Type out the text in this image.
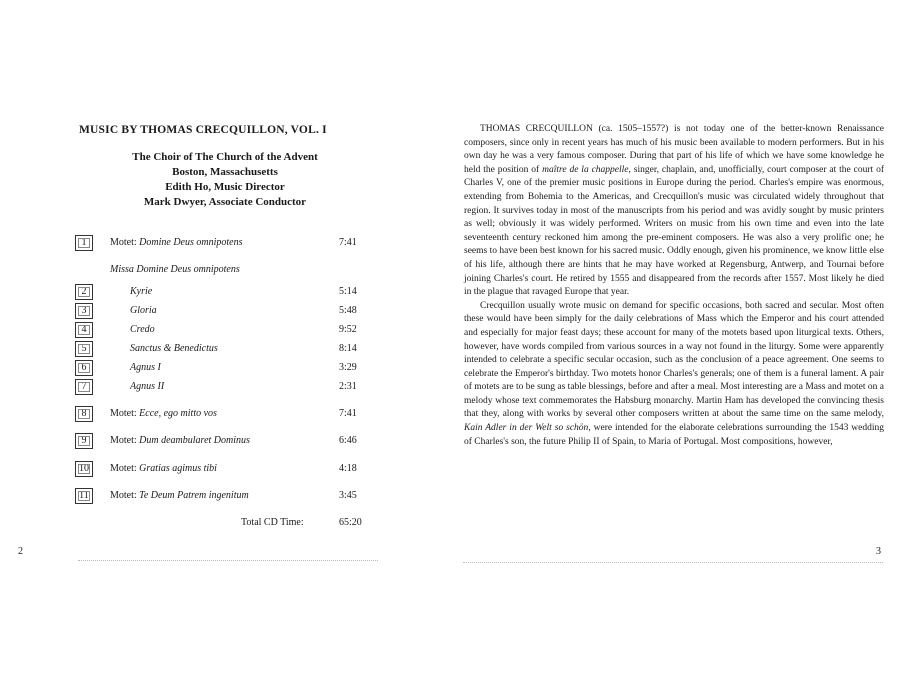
MUSIC BY THOMAS CRECQUILLON, VOL. I
The Choir of The Church of the Advent
Boston, Massachusetts
Edith Ho, Music Director
Mark Dwyer, Associate Conductor
1	Motet: Domine Deus omnipotens	7:41
Missa Domine Deus omnipotens
2	Kyrie	5:14
3	Gloria	5:48
4	Credo	9:52
5	Sanctus & Benedictus	8:14
6	Agnus I	3:29
7	Agnus II	2:31
8	Motet: Ecce, ego mitto vos	7:41
9	Motet: Dum deambularet Dominus	6:46
10	Motet: Gratias agimus tibi	4:18
11	Motet: Te Deum Patrem ingenitum	3:45
Total CD Time:	65:20
2

THOMAS CRECQUILLON (ca. 1505–1557?) is not today one of the better-known Renaissance composers, since only in recent years has much of his music been available to modern performers. But in his own day he was a very famous composer. During that part of his life of which we have some knowledge he held the position of maître de la chappelle, singer, chaplain, and, unofficially, court composer at the court of Charles V, one of the premier music positions in Europe during the period. Charles's empire was enormous, extending from Bohemia to the Americas, and Crecquillon's music was circulated widely throughout that region. It survives today in most of the manuscripts from his period and was avidly sought by music printers as well; obviously it was widely performed. Writers on music from his own time and even into the late seventeenth century reckoned him among the pre-eminent composers. He was also a very prolific one; he seems to have been best known for his sacred music. Oddly enough, given his prominence, we know little else of his life, although there are hints that he may have worked at Regensburg, Antwerp, and Tournai before joining Charles's court. He retired by 1555 and disappeared from the records after 1557. Most likely he died in the plague that ravaged Europe that year.

Crecquillon usually wrote music on demand for specific occasions, both sacred and secular. Most often these would have been simply for the daily celebrations of Mass which the Emperor and his court attended and especially for major feast days; these account for many of the motets based upon liturgical texts. Others, however, have words compiled from various sources in a way not found in the liturgy. Some were apparently intended to celebrate a specific secular occasion, such as the conclusion of a peace agreement. One seems to celebrate the Emperor's birthday. Two motets honor Charles's generals; one of them is a funeral lament. A pair of motets are to be sung as table blessings, before and after a meal. Most interesting are a Mass and motet on a melody whose text commemorates the Habsburg monarchy. Martin Ham has developed the convincing thesis that they, along with works by several other composers written at about the same time on the same melody, Kain Adler in der Welt so schön, were intended for the elaborate celebrations surrounding the 1543 wedding of Charles's son, the future Philip II of Spain, to Maria of Portugal. Most compositions, however,

3
